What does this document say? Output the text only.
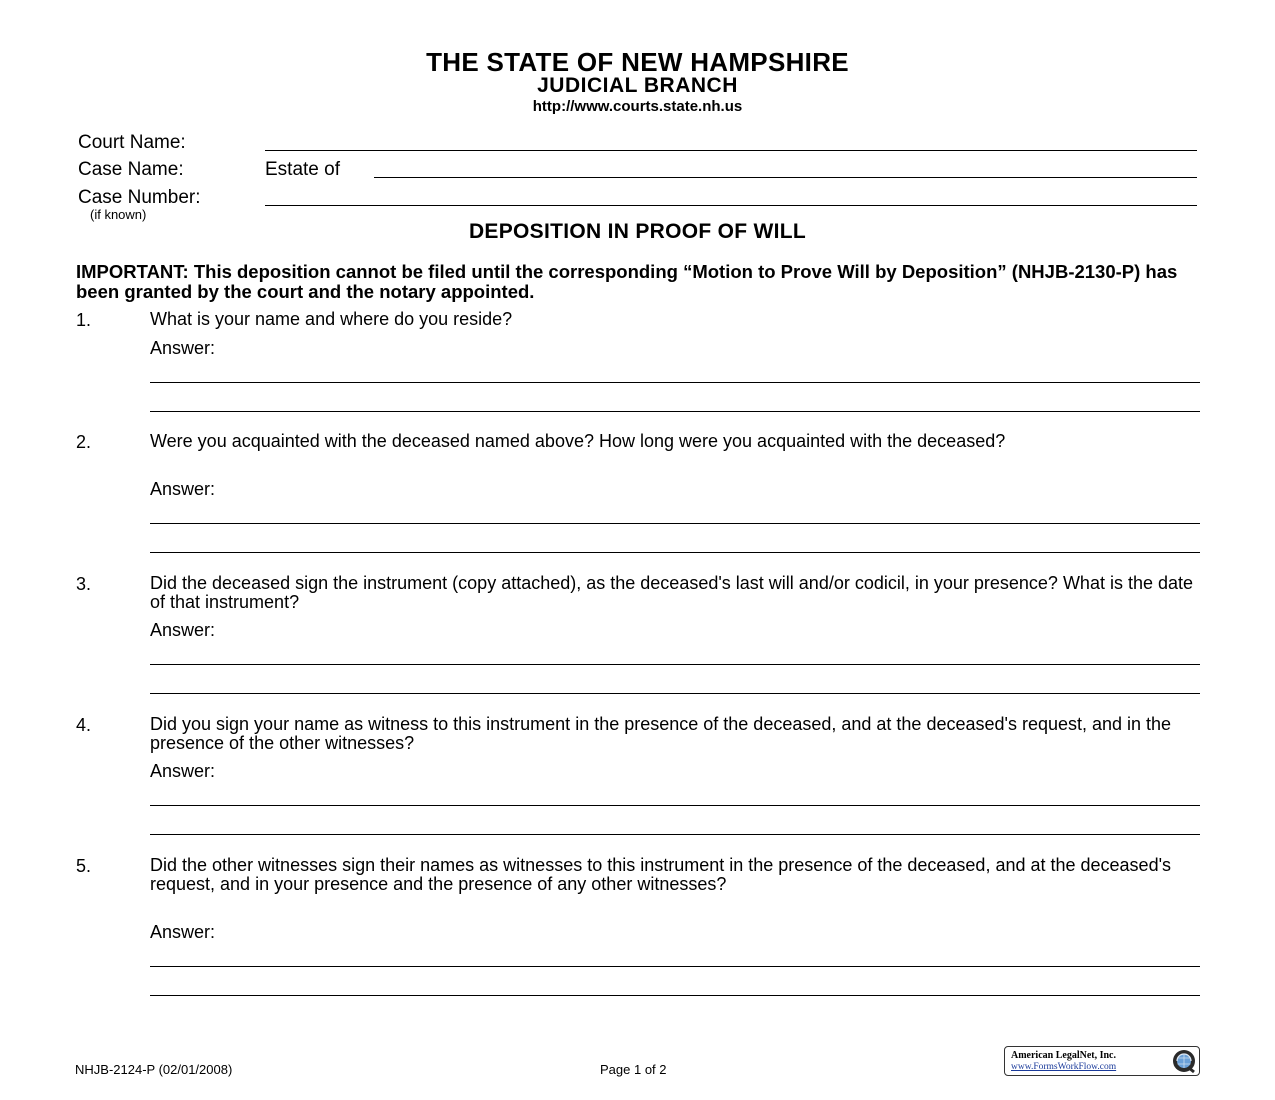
THE STATE OF NEW HAMPSHIRE
JUDICIAL BRANCH
http://www.courts.state.nh.us
Court Name:
Case Name:	Estate of
Case Number:
(if known)
DEPOSITION IN PROOF OF WILL
IMPORTANT: This deposition cannot be filed until the corresponding “Motion to Prove Will by Deposition” (NHJB-2130-P) has been granted by the court and the notary appointed.
1.	What is your name and where do you reside?
Answer:
2.	Were you acquainted with the deceased named above? How long were you acquainted with the deceased?
Answer:
3.	Did the deceased sign the instrument (copy attached), as the deceased's last will and/or codicil, in your presence? What is the date of that instrument?
Answer:
4.	Did you sign your name as witness to this instrument in the presence of the deceased, and at the deceased's request, and in the presence of the other witnesses?
Answer:
5.	Did the other witnesses sign their names as witnesses to this instrument in the presence of the deceased, and at the deceased's request, and in your presence and the presence of any other witnesses?
Answer:
NHJB-2124-P (02/01/2008)	Page 1 of 2
American LegalNet, Inc.
www.FormsWorkFlow.com
